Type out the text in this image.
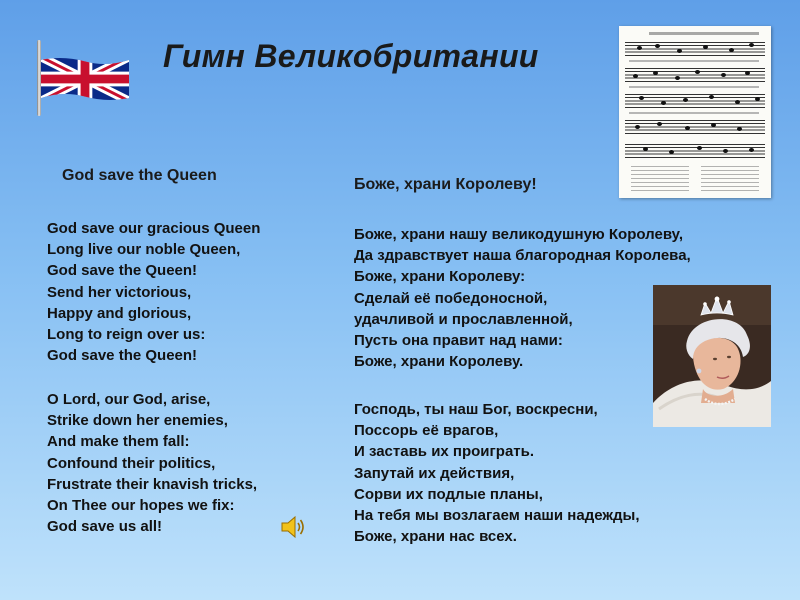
Гимн Великобритании
God save the Queen
Боже, храни Королеву!
God save our gracious Queen
Long live our noble Queen,
God save the Queen!
Send her victorious,
Happy and glorious,
Long to reign over us:
God save the Queen!
O Lord, our God, arise,
Strike down her enemies,
And make them fall:
Confound their politics,
Frustrate their knavish tricks,
On Thee our hopes we fix:
God save us all!
Боже, храни нашу великодушную Королеву,
Да здравствует наша благородная Королева,
Боже, храни Королеву:
Сделай её победоносной,
удачливой и прославленной,
Пусть она правит над нами:
Боже, храни Королеву.
Господь, ты наш Бог, воскресни,
Поссорь её врагов,
И заставь их проиграть.
Запутай их действия,
Сорви их подлые планы,
На тебя мы возлагаем наши надежды,
Боже, храни нас всех.
